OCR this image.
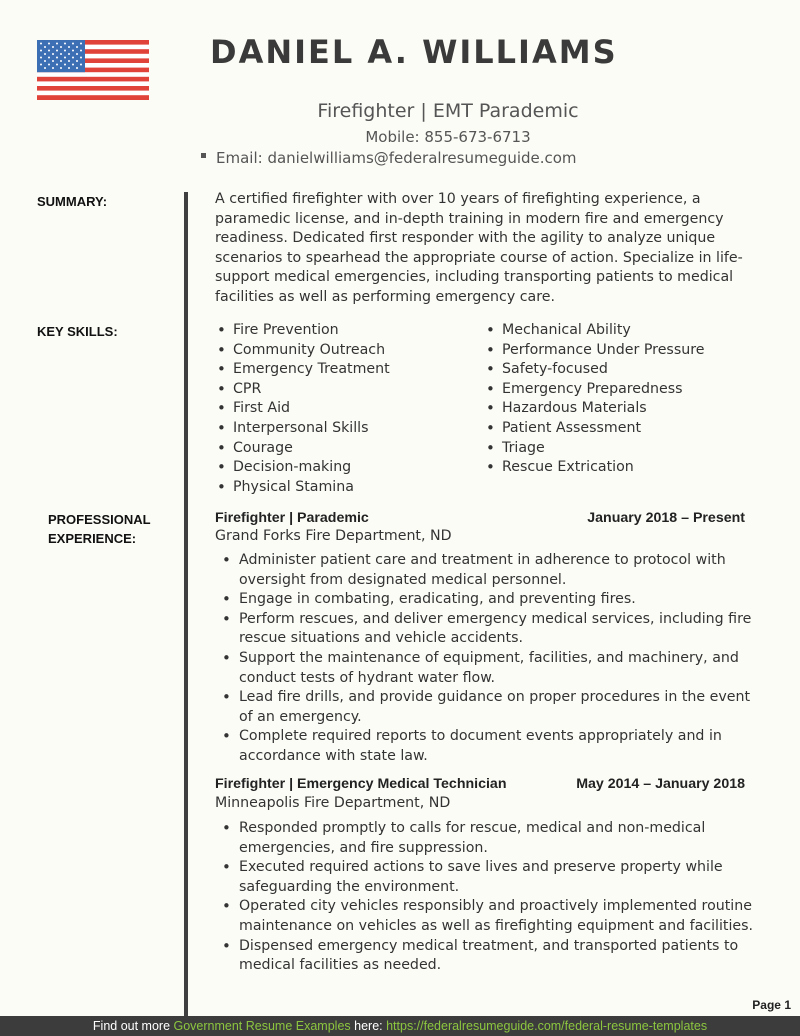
DANIEL A. WILLIAMS
Firefighter | EMT Parademic
Mobile: 855-673-6713
Email: danielwilliams@federalresumeguide.com
SUMMARY:	A certified firefighter with over 10 years of firefighting experience, a paramedic license, and in-depth training in modern fire and emergency readiness. Dedicated first responder with the agility to analyze unique scenarios to spearhead the appropriate course of action. Specialize in life-support medical emergencies, including transporting patients to medical facilities as well as performing emergency care.
KEY SKILLS:
•	Fire Prevention
• Community Outreach
• Emergency Treatment
• CPR
• First Aid
• Interpersonal Skills
• Courage
• Decision-making
• Physical Stamina
• Mechanical Ability
• Performance Under Pressure
• Safety-focused
• Emergency Preparedness
• Hazardous Materials
• Patient Assessment
• Triage
• Rescue Extrication
PROFESSIONAL
EXPERIENCE:
Firefighter | Parademic	January 2018 – Present
Grand Forks Fire Department, ND
• Administer patient care and treatment in adherence to protocol with oversight from designated medical personnel.
• Engage in combating, eradicating, and preventing fires.
• Perform rescues, and deliver emergency medical services, including fire rescue situations and vehicle accidents.
• Support the maintenance of equipment, facilities, and machinery, and conduct tests of hydrant water flow.
• Lead fire drills, and provide guidance on proper procedures in the event of an emergency.
• Complete required reports to document events appropriately and in accordance with state law.
Firefighter | Emergency Medical Technician	May 2014 – January 2018
Minneapolis Fire Department, ND
• Responded promptly to calls for rescue, medical and non-medical emergencies, and fire suppression.
• Executed required actions to save lives and preserve property while safeguarding the environment.
• Operated city vehicles responsibly and proactively implemented routine maintenance on vehicles as well as firefighting equipment and facilities.
• Dispensed emergency medical treatment, and transported patients to medical facilities as needed.
Page 1
Find out more Government Resume Examples here: https://federalresumeguide.com/federal-resume-templates
